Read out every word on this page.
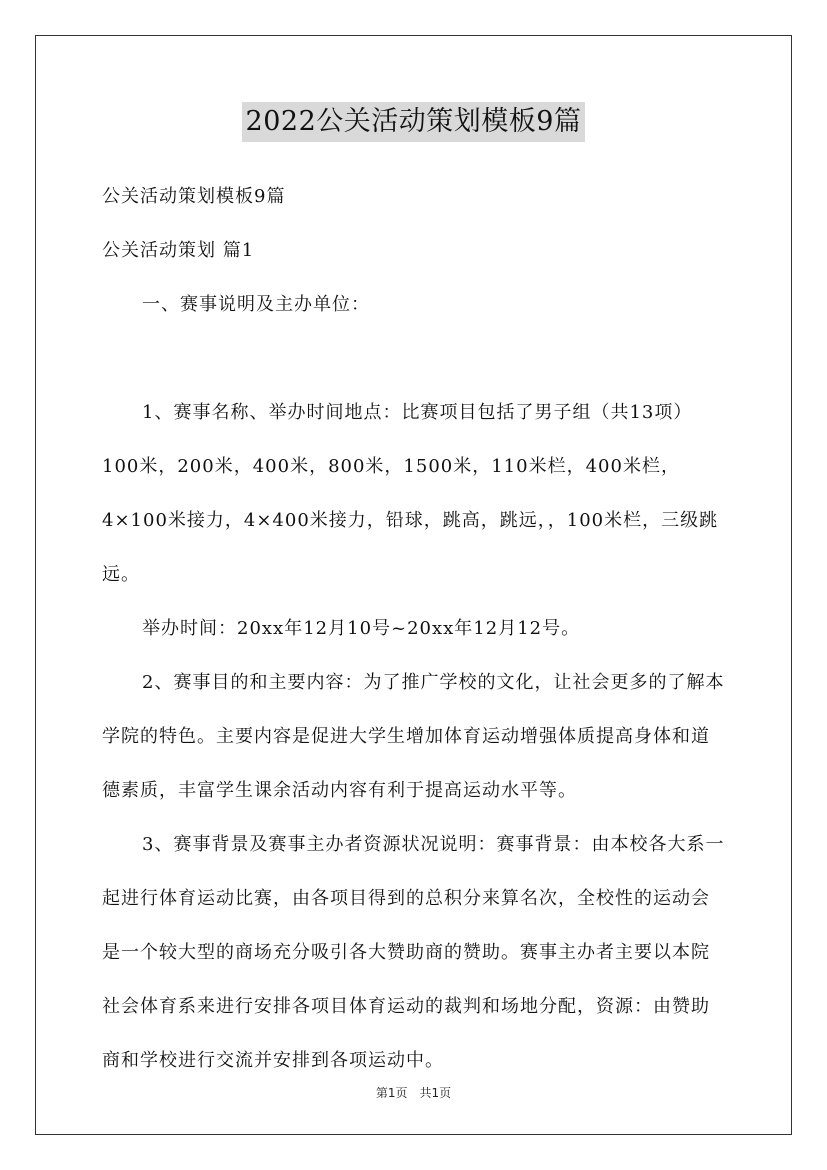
2022公关活动策划模板9篇

公关活动策划模板9篇

公关活动策划 篇1

一、赛事说明及主办单位：

1、赛事名称、举办时间地点：比赛项目包括了男子组（共13项）100米，200米，400米，800米，1500米，110米栏，400米栏，4×100米接力，4×400米接力，铅球，跳高，跳远，，100米栏，三级跳远。

举办时间：20xx年12月10号~20xx年12月12号。

2、赛事目的和主要内容：为了推广学校的文化，让社会更多的了解本学院的特色。主要内容是促进大学生增加体育运动增强体质提高身体和道德素质，丰富学生课余活动内容有利于提高运动水平等。

3、赛事背景及赛事主办者资源状况说明：赛事背景：由本校各大系一起进行体育运动比赛，由各项目得到的总积分来算名次，全校性的运动会是一个较大型的商场充分吸引各大赞助商的赞助。赛事主办者主要以本院社会体育系来进行安排各项目体育运动的裁判和场地分配，资源：由赞助商和学校进行交流并安排到各项运动中。

第1页 共1页
